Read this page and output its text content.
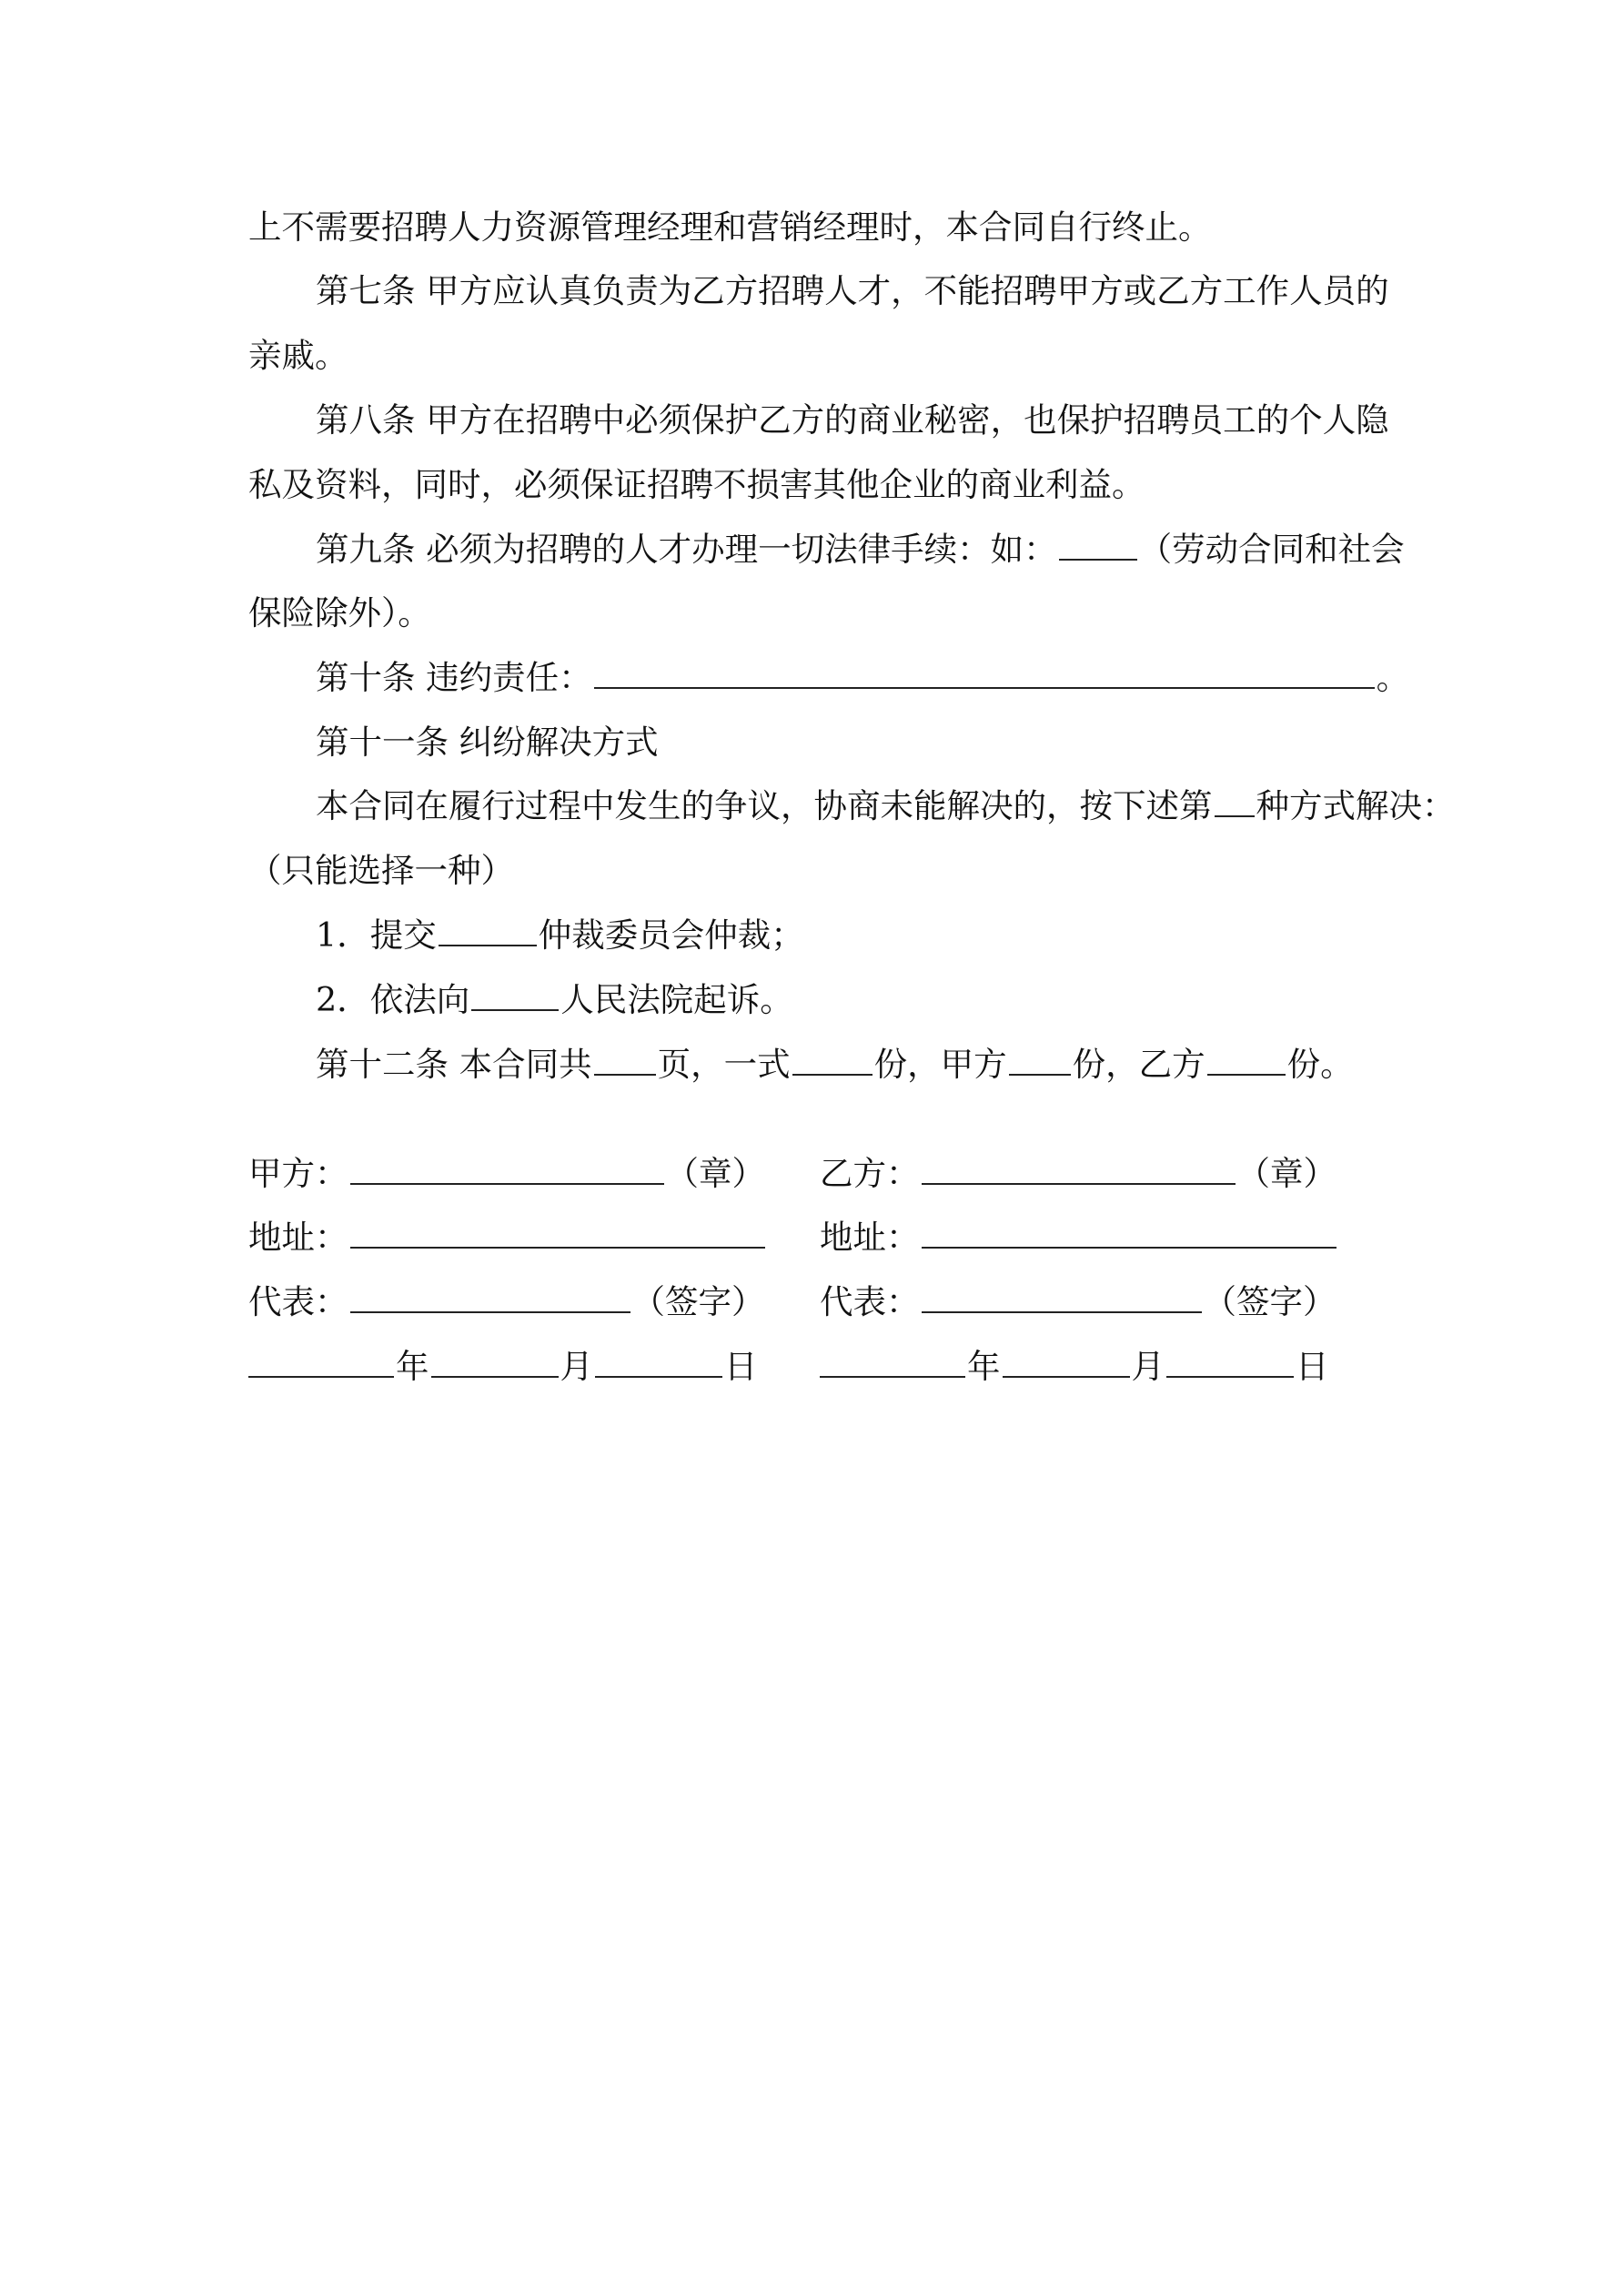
上不需要招聘人力资源管理经理和营销经理时，本合同自行终止。
第七条 甲方应认真负责为乙方招聘人才，不能招聘甲方或乙方工作人员的
亲戚。
第八条 甲方在招聘中必须保护乙方的商业秘密，也保护招聘员工的个人隐
私及资料，同时，必须保证招聘不损害其他企业的商业利益。
第九条 必须为招聘的人才办理一切法律手续：如： （劳动合同和社会
保险除外）。
第十条 违约责任：	。
第十一条 纠纷解决方式
本合同在履行过程中发生的争议，协商未能解决的，按下述第 种方式解决：
（只能选择一种）
1．提交	仲裁委员会仲裁；
2．依法向	人民法院起诉。
第十二条 本合同共 页，一式	份，甲方 份，乙方 份。
甲方：	（章）
地址：
代表：	（签字）
年	月	日
乙方：	（章）
地址：
代表：	（签字）
年	月	日
